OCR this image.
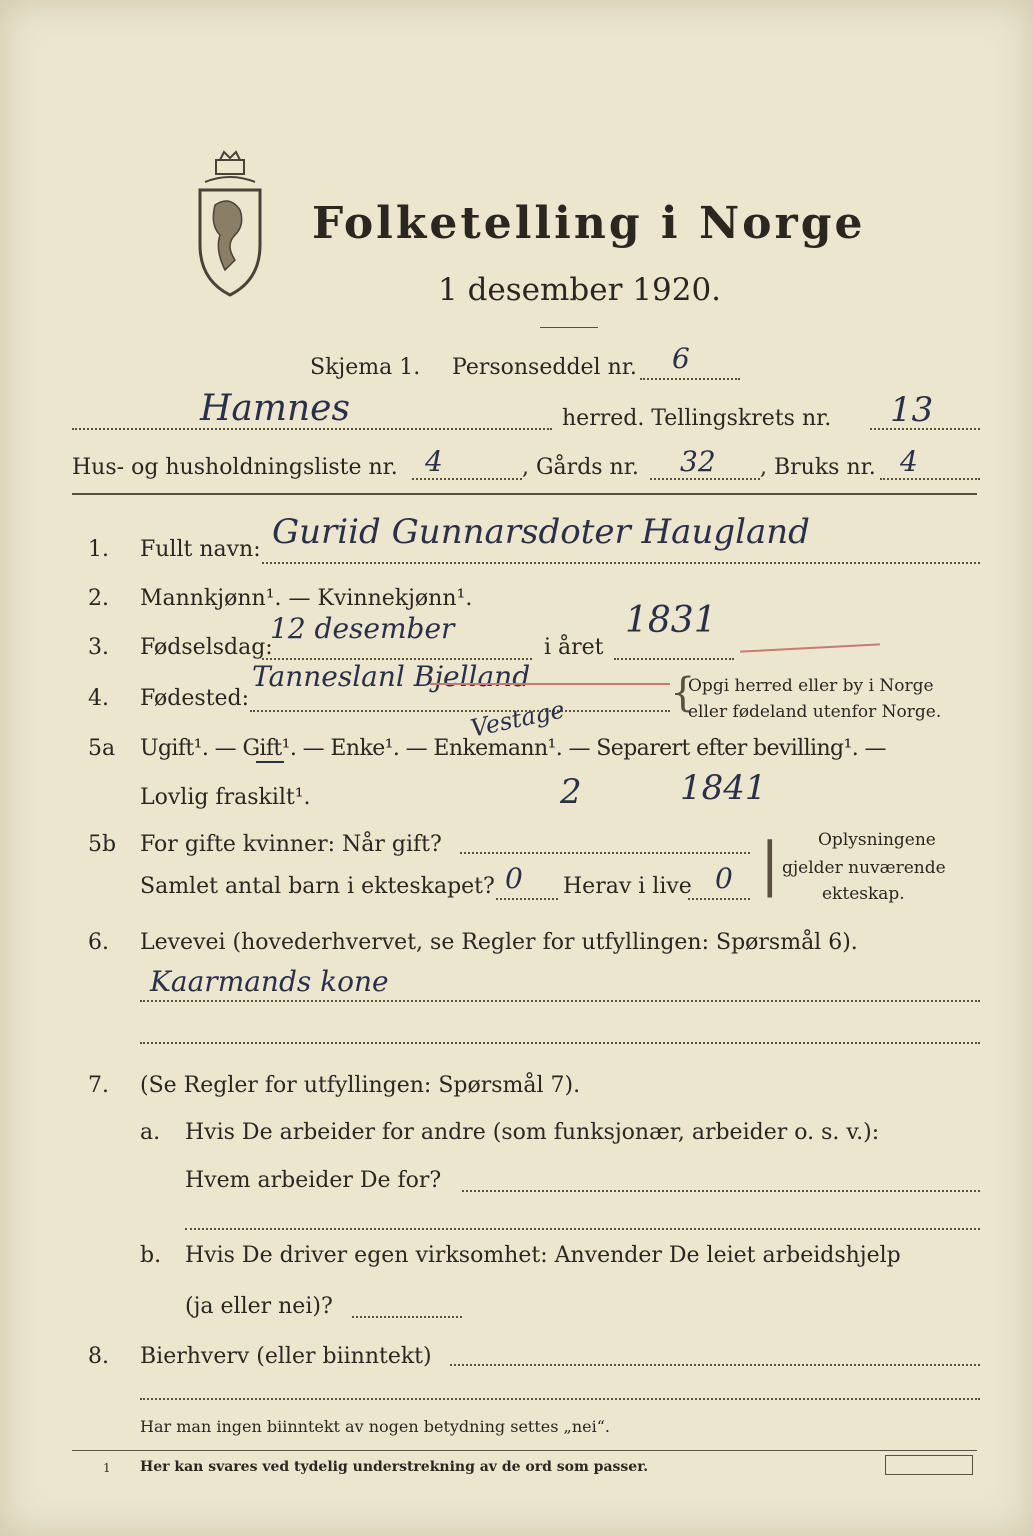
Folketelling i Norge
1 desember 1920.
Skjema 1. Personseddel nr. 6
Hamnes	herred. Tellingskrets nr. 13
Hus- og husholdningsliste nr. 4	, Gårds nr. 32 , Bruks nr. 4
1. Fullt navn: Guriid Gunnarsdoter Haugland
2. Mannkjønn¹. — Kvinnekjønn¹.
3. Fødselsdag:
12 desember
i året
1831
4. Fødested:
Tanneslanl Bjelland
Vestage
{
Opgi herred eller by i Norge
eller fødeland utenfor Norge.
5a Ugift¹. — Gift¹. — Enke¹. — Enkemann¹. — Separert efter bevilling¹. —
Lovlig fraskilt¹.	2	1841
5b For gifte kvinner: Når gift?
Samlet antal barn i ekteskapet? 0 Herav i live 0 | Oplysningene
gjelder nuværende
ekteskap.
6. Levevei (hovederhvervet, se Regler for utfyllingen: Spørsmål 6).
Kaarmands kone
7. (Se Regler for utfyllingen: Spørsmål 7).
a. Hvis De arbeider for andre (som funksjonær, arbeider o. s. v.):
Hvem arbeider De for?
b. Hvis De driver egen virksomhet: Anvender De leiet arbeidshjelp
(ja eller nei)?
8. Bierhverv (eller biinntekt)
Har man ingen biinntekt av nogen betydning settes „nei“.
1 Her kan svares ved tydelig understrekning av de ord som passer.
